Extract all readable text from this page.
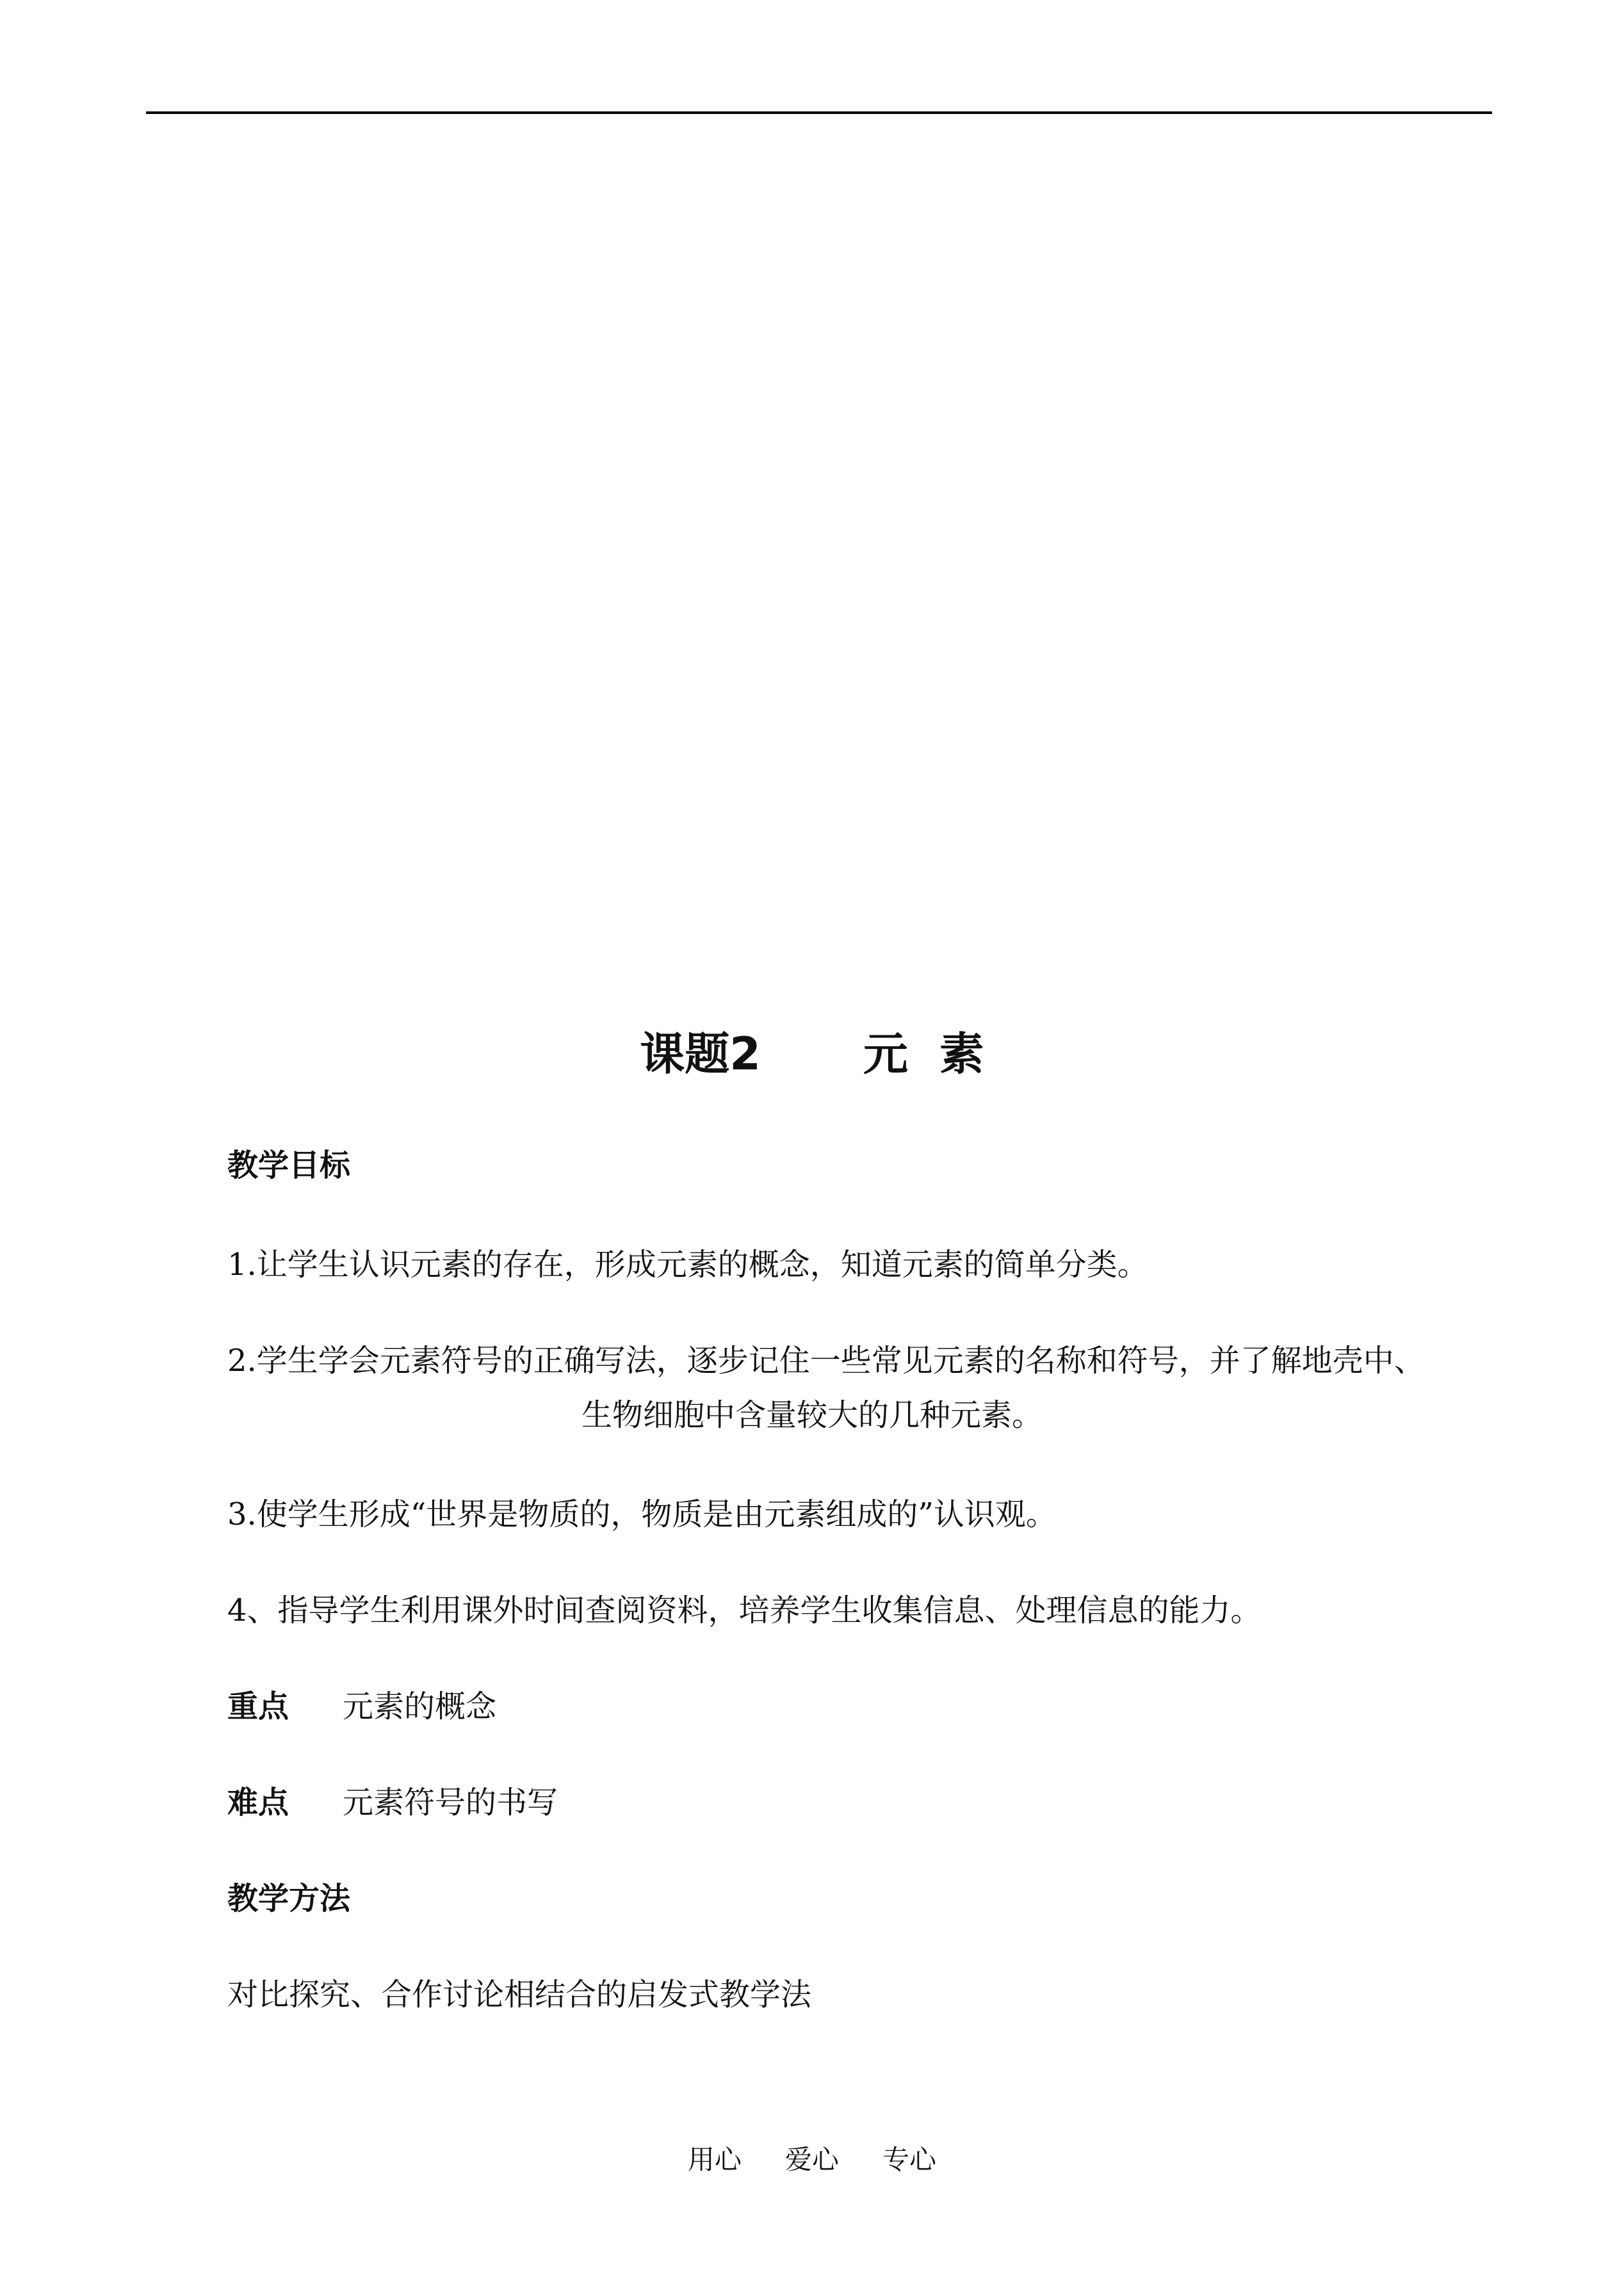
课题2 元  素
教学目标
1.让学生认识元素的存在，形成元素的概念，知道元素的简单分类。
2.学生学会元素符号的正确写法，逐步记住一些常见元素的名称和符号，并了解地壳中、
生物细胞中含量较大的几种元素。
3.使学生形成“世界是物质的，物质是由元素组成的”认识观。
4、指导学生利用课外时间查阅资料，培养学生收集信息、处理信息的能力。
重点 元素的概念
难点 元素符号的书写
教学方法
对比探究、合作讨论相结合的启发式教学法
用心 爱心 专心
